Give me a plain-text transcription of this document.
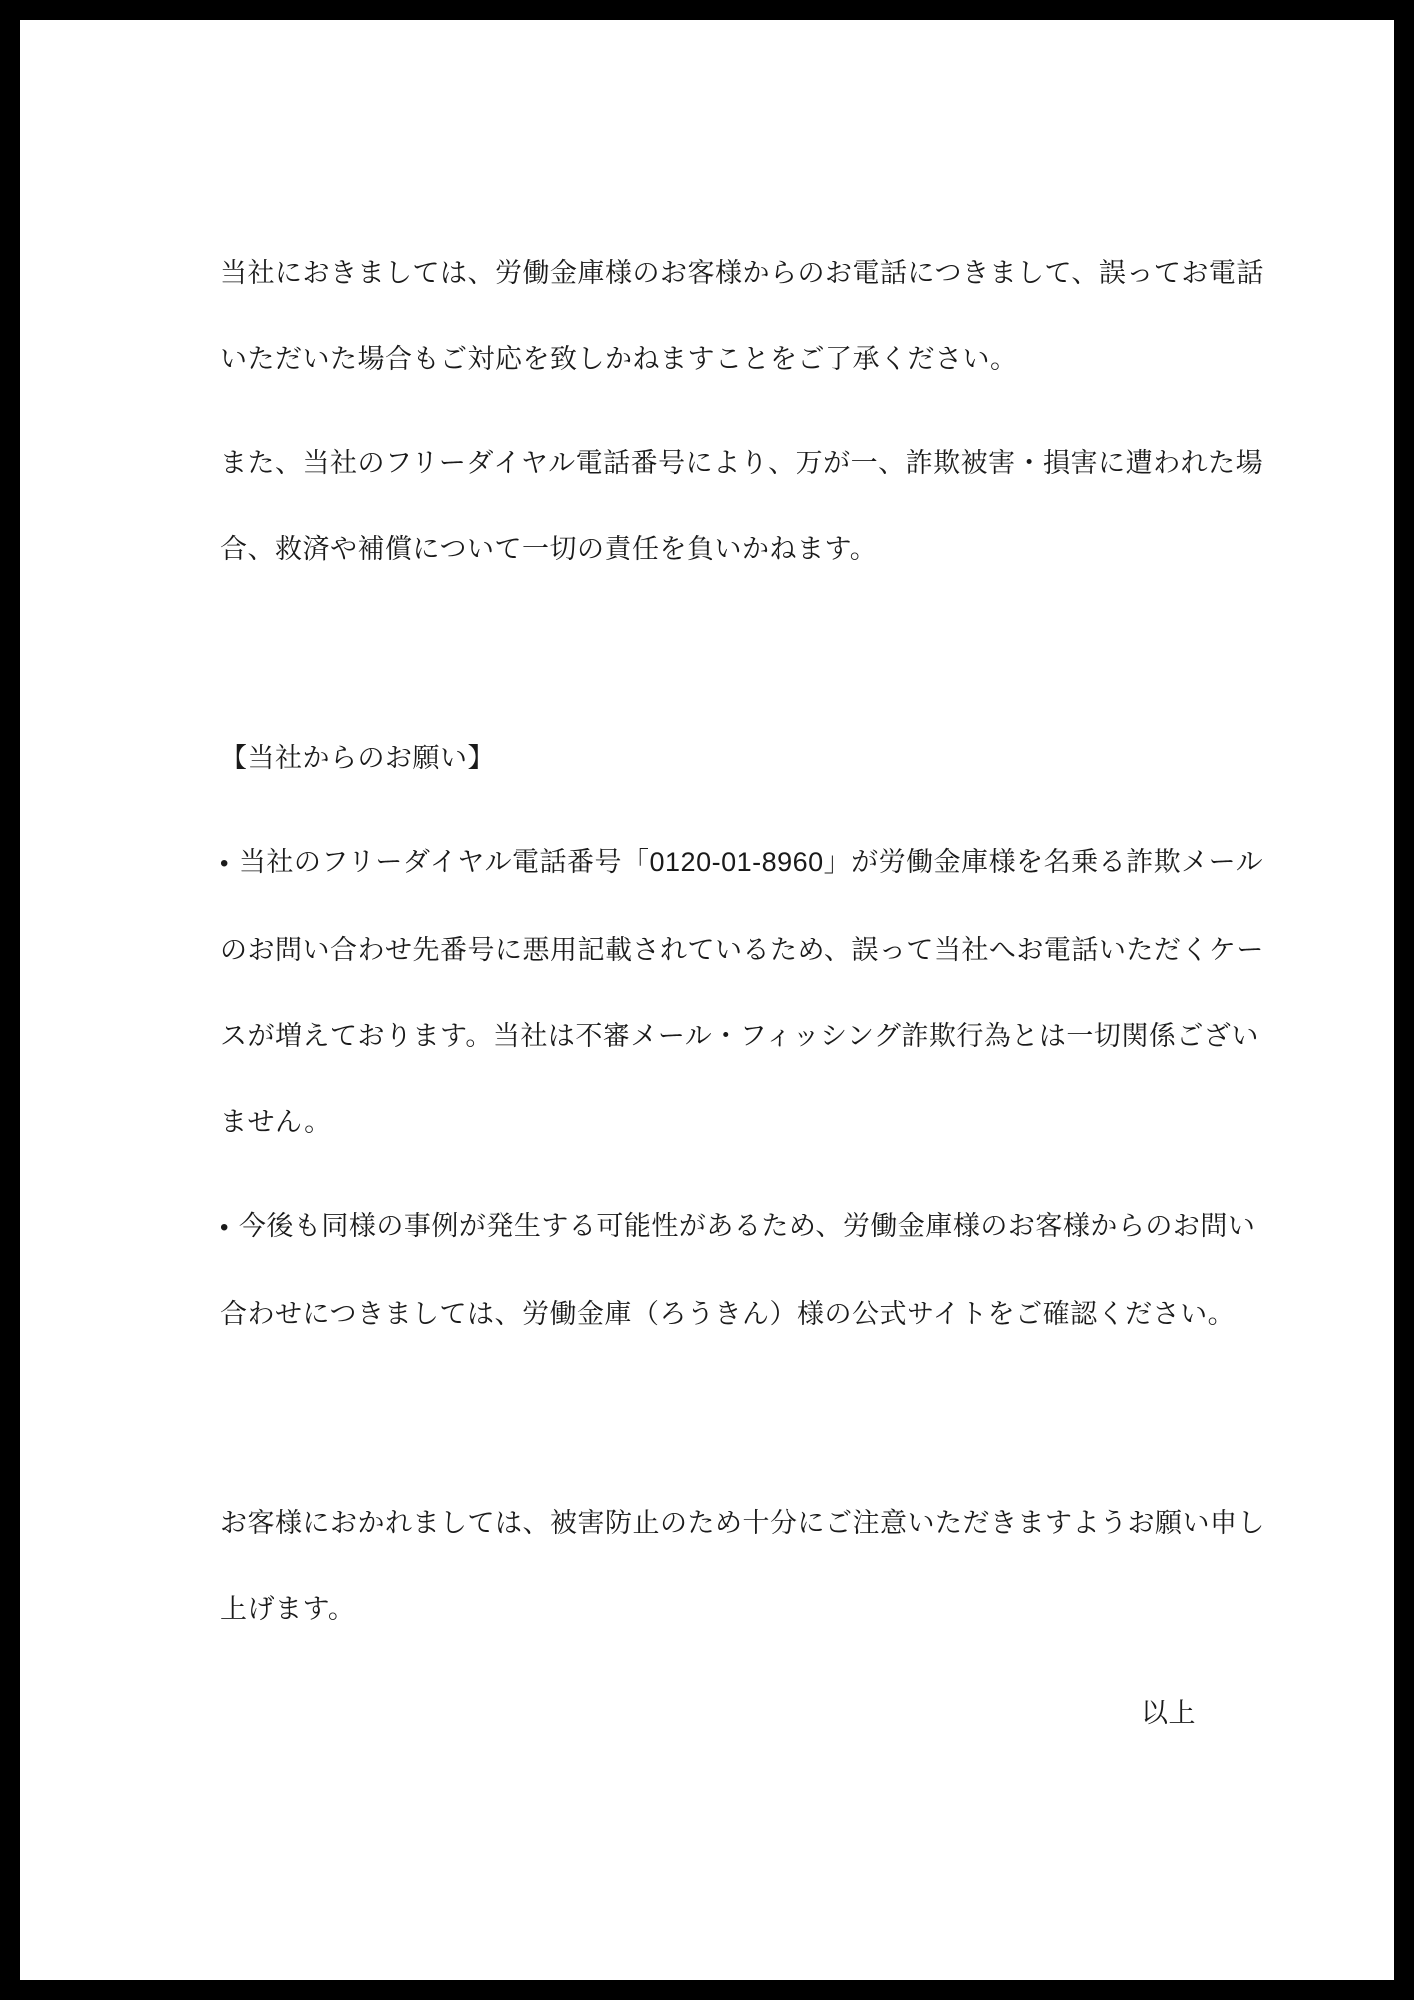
当社におきましては、労働金庫様のお客様からのお電話につきまして、誤ってお電話
いただいた場合もご対応を致しかねますことをご了承ください。
また、当社のフリーダイヤル電話番号により、万が一、詐欺被害・損害に遭われた場
合、救済や補償について一切の責任を負いかねます。
【当社からのお願い】
• 当社のフリーダイヤル電話番号「0120-01-8960」が労働金庫様を名乗る詐欺メール
のお問い合わせ先番号に悪用記載されているため、誤って当社へお電話いただくケー
スが増えております。当社は不審メール・フィッシング詐欺行為とは一切関係ござい
ません。
• 今後も同様の事例が発生する可能性があるため、労働金庫様のお客様からのお問い
合わせにつきましては、労働金庫（ろうきん）様の公式サイトをご確認ください。
お客様におかれましては、被害防止のため十分にご注意いただきますようお願い申し
上げます。
以上
